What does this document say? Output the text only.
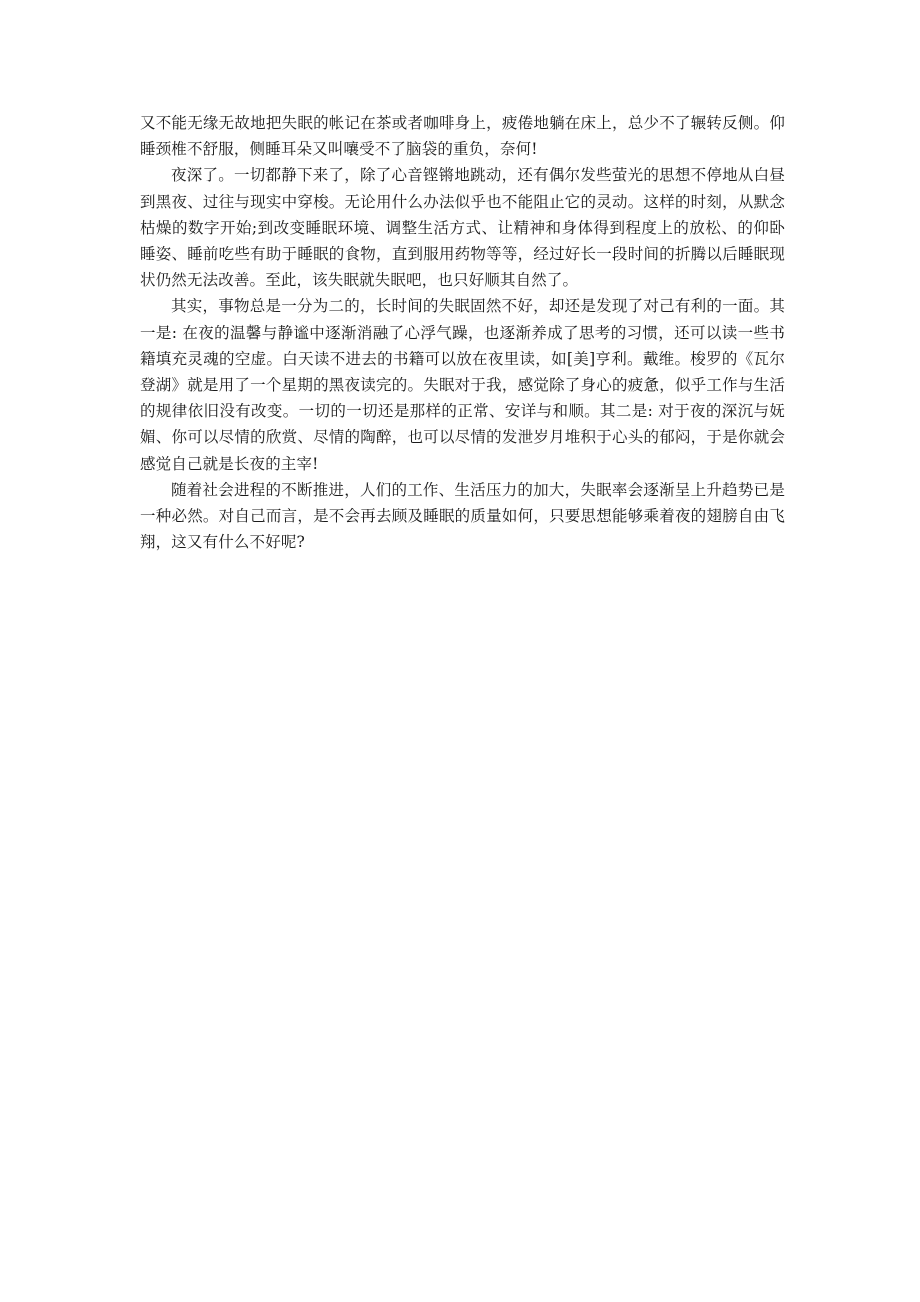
又不能无缘无故地把失眠的帐记在茶或者咖啡身上，疲倦地躺在床上，总少不了辗转反侧。仰睡颈椎不舒服，侧睡耳朵又叫嚷受不了脑袋的重负，奈何!

夜深了。一切都静下来了，除了心音铿锵地跳动，还有偶尔发些萤光的思想不停地从白昼到黑夜、过往与现实中穿梭。无论用什么办法似乎也不能阻止它的灵动。这样的时刻，从默念枯燥的数字开始;到改变睡眠环境、调整生活方式、让精神和身体得到程度上的放松、的仰卧睡姿、睡前吃些有助于睡眠的食物，直到服用药物等等，经过好长一段时间的折腾以后睡眠现状仍然无法改善。至此，该失眠就失眠吧，也只好顺其自然了。

其实，事物总是一分为二的，长时间的失眠固然不好，却还是发现了对己有利的一面。其一是: 在夜的温馨与静谧中逐渐消融了心浮气躁，也逐渐养成了思考的习惯，还可以读一些书籍填充灵魂的空虚。白天读不进去的书籍可以放在夜里读，如[美]亨利。戴维。梭罗的《瓦尔登湖》就是用了一个星期的黑夜读完的。失眠对于我，感觉除了身心的疲惫，似乎工作与生活的规律依旧没有改变。一切的一切还是那样的正常、安详与和顺。其二是: 对于夜的深沉与妩媚、你可以尽情的欣赏、尽情的陶醉，也可以尽情的发泄岁月堆积于心头的郁闷，于是你就会感觉自己就是长夜的主宰!

随着社会进程的不断推进，人们的工作、生活压力的加大，失眠率会逐渐呈上升趋势已是一种必然。对自己而言，是不会再去顾及睡眠的质量如何，只要思想能够乘着夜的翅膀自由飞翔，这又有什么不好呢?
